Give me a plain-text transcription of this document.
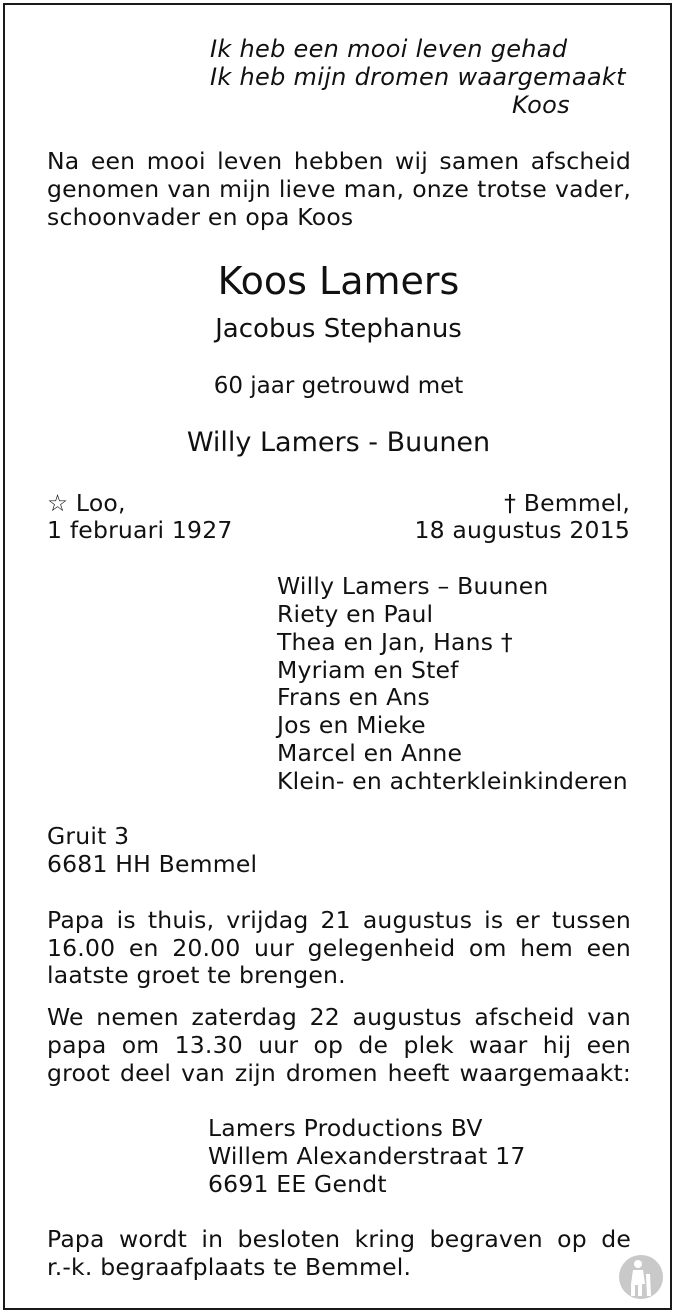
Ik heb een mooi leven gehad
Ik heb mijn dromen waargemaakt
Koos
Na een mooi leven hebben wij samen afscheid
genomen van mijn lieve man, onze trotse vader,
schoonvader en opa Koos
Koos Lamers
Jacobus Stephanus
60 jaar getrouwd met
Willy Lamers - Buunen
☆ Loo,
1 februari 1927
† Bemmel,
18 augustus 2015
Willy Lamers – Buunen
Riety en Paul
Thea en Jan, Hans †
Myriam en Stef
Frans en Ans
Jos en Mieke
Marcel en Anne
Klein- en achterkleinkinderen
Gruit 3
6681 HH Bemmel
Papa is thuis, vrijdag 21 augustus is er tussen
16.00 en 20.00 uur gelegenheid om hem een
laatste groet te brengen.
We nemen zaterdag 22 augustus afscheid van
papa om 13.30 uur op de plek waar hij een
groot deel van zijn dromen heeft waargemaakt:
Lamers Productions BV
Willem Alexanderstraat 17
6691 EE Gendt
Papa wordt in besloten kring begraven op de
r.-k. begraafplaats te Bemmel.
